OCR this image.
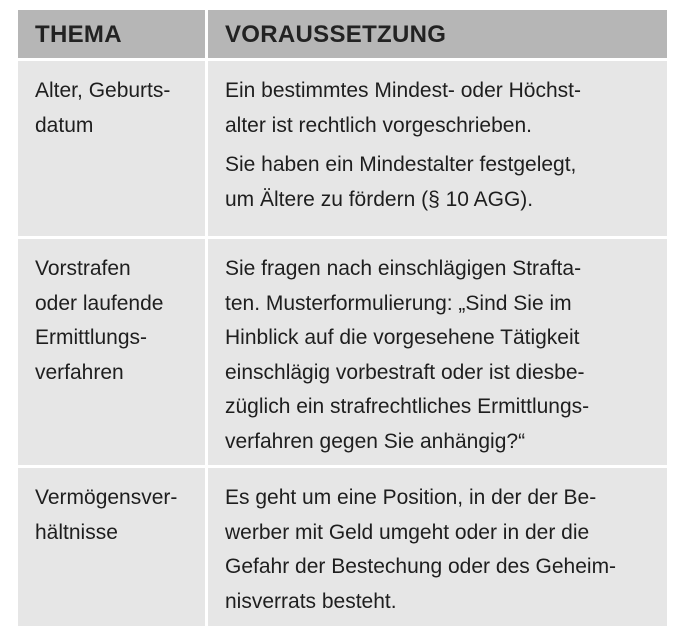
THEMA	VORAUSSETZUNG
Alter, Geburts-
datum
Ein bestimmtes Mindest- oder Höchst-
alter ist rechtlich vorgeschrieben.
Sie haben ein Mindestalter festgelegt,
um Ältere zu fördern (§ 10 AGG).
Vorstrafen
oder laufende
Ermittlungs-
verfahren
Sie fragen nach einschlägigen Strafta-
ten. Musterformulierung: „Sind Sie im
Hinblick auf die vorgesehene Tätigkeit
einschlägig vorbestraft oder ist diesbe-
züglich ein strafrechtliches Ermittlungs-
verfahren gegen Sie anhängig?“
Vermögensver-
hältnisse
Es geht um eine Position, in der der Be-
werber mit Geld umgeht oder in der die
Gefahr der Bestechung oder des Geheim-
nisverrats besteht.
